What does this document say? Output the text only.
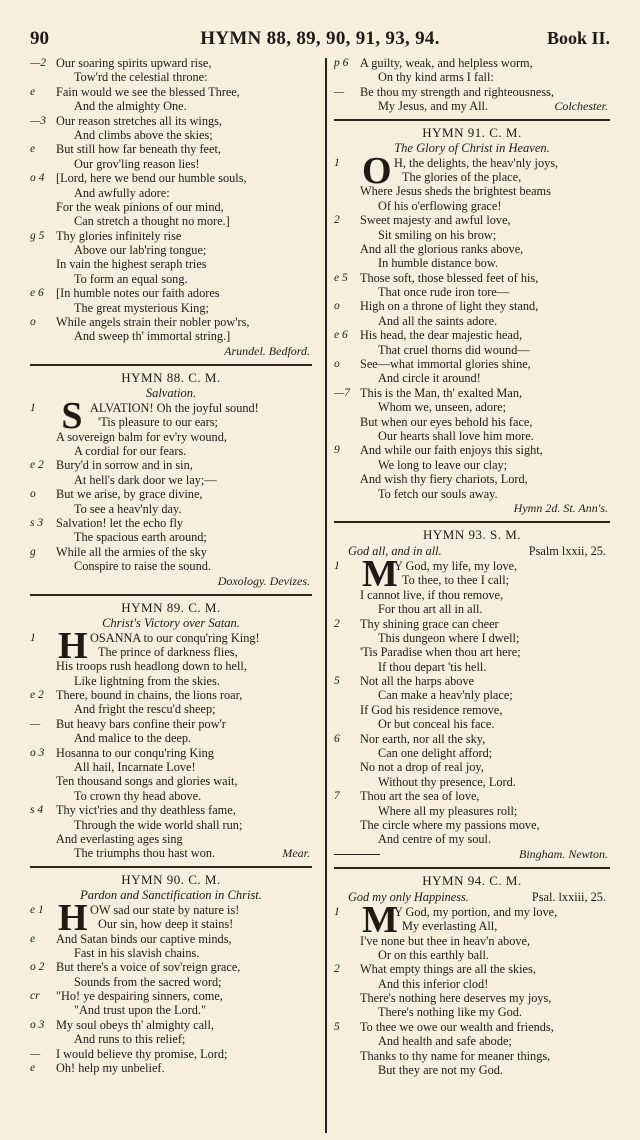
90	HYMN 88, 89, 90, 91, 93, 94.	Book II.
—2 Our soaring spirits upward rise,
Tow'rd the celestial throne:
e	Fain would we see the blessed Three,
And the almighty One.
—3 Our reason stretches all its wings,
And climbs above the skies;
e	But still how far beneath thy feet,
Our grov'ling reason lies!
o 4 [Lord, here we bend our humble souls,
And awfully adore:
For the weak pinions of our mind,
Can stretch a thought no more.]
g 5 Thy glories infinitely rise
Above our lab'ring tongue;
In vain the highest seraph tries
To form an equal song.
e 6 [In humble notes our faith adores
The great mysterious King;
o	While angels strain their nobler pow'rs,
And sweep th' immortal string.]
Arundel. Bedford.
HYMN 88. C. M.
Salvation.
S
1	ALVATION! Oh the joyful sound!
'Tis pleasure to our ears;
A sovereign balm for ev'ry wound,
A cordial for our fears.
e 2 Bury'd in sorrow and in sin,
At hell's dark door we lay;—
o	But we arise, by grace divine,
To see a heav'nly day.
s 3	Salvation! let the echo fly
The spacious earth around;
g	While all the armies of the sky
Conspire to raise the sound.
Doxology. Devizes.
HYMN 89. C. M.
Christ's Victory over Satan.
H
1	OSANNA to our conqu'ring King!
The prince of darkness flies,
His troops rush headlong down to hell,
Like lightning from the skies.
e 2 There, bound in chains, the lions roar,
And fright the rescu'd sheep;
—	But heavy bars confine their pow'r
And malice to the deep.
o 3 Hosanna to our conqu'ring King
All hail, Incarnate Love!
Ten thousand songs and glories wait,
To crown thy head above.
s 4	Thy vict'ries and thy deathless fame,
Through the wide world shall run;
And everlasting ages sing
The triumphs thou hast won.	Mear.
HYMN 90. C. M.
Pardon and Sanctification in Christ.
H
e 1	OW sad our state by nature is!
Our sin, how deep it stains!
e	And Satan binds our captive minds,
Fast in his slavish chains.
o 2 But there's a voice of sov'reign grace,
Sounds from the sacred word;
cr	"Ho! ye despairing sinners, come,
"And trust upon the Lord."
o 3 My soul obeys th' almighty call,
And runs to this relief;
—	I would believe thy promise, Lord;
e	Oh! help my unbelief.
p 6 A guilty, weak, and helpless worm,
On thy kind arms I fall:
—	Be thou my strength and righteousness,
My Jesus, and my All.	Colchester.
HYMN 91. C. M.
The Glory of Christ in Heaven.
O
1	H, the delights, the heav'nly joys,
The glories of the place,
Where Jesus sheds the brightest beams
Of his o'erflowing grace!
2	Sweet majesty and awful love,
Sit smiling on his brow;
And all the glorious ranks above,
In humble distance bow.
e 5 Those soft, those blessed feet of his,
That once rude iron tore—
o	High on a throne of light they stand,
And all the saints adore.
e 6 His head, the dear majestic head,
That cruel thorns did wound—
o	See—what immortal glories shine,
And circle it around!
—7 This is the Man, th' exalted Man,
Whom we, unseen, adore;
But when our eyes behold his face,
Our hearts shall love him more.
9	And while our faith enjoys this sight,
We long to leave our clay;
And wish thy fiery chariots, Lord,
To fetch our souls away.
Hymn 2d. St. Ann's.
HYMN 93. S. M.
God all, and in all.	Psalm lxxii, 25.
M
1	Y God, my life, my love,
To thee, to thee I call;
I cannot live, if thou remove,
For thou art all in all.
2	Thy shining grace can cheer
This dungeon where I dwell;
'Tis Paradise when thou art here;
If thou depart 'tis hell.
5	Not all the harps above
Can make a heav'nly place;
If God his residence remove,
Or but conceal his face.
6	Nor earth, nor all the sky,
Can one delight afford;
No not a drop of real joy,
Without thy presence, Lord.
7	Thou art the sea of love,
Where all my pleasures roll;
The circle where my passions move,
And centre of my soul.
Bingham. Newton.
HYMN 94. C. M.
God my only Happiness.	Psal. lxxiii, 25.
M
1	Y God, my portion, and my love,
My everlasting All,
I've none but thee in heav'n above,
Or on this earthly ball.
2	What empty things are all the skies,
And this inferior clod!
There's nothing here deserves my joys,
There's nothing like my God.
5	To thee we owe our wealth and friends,
And health and safe abode;
Thanks to thy name for meaner things,
But they are not my God.
